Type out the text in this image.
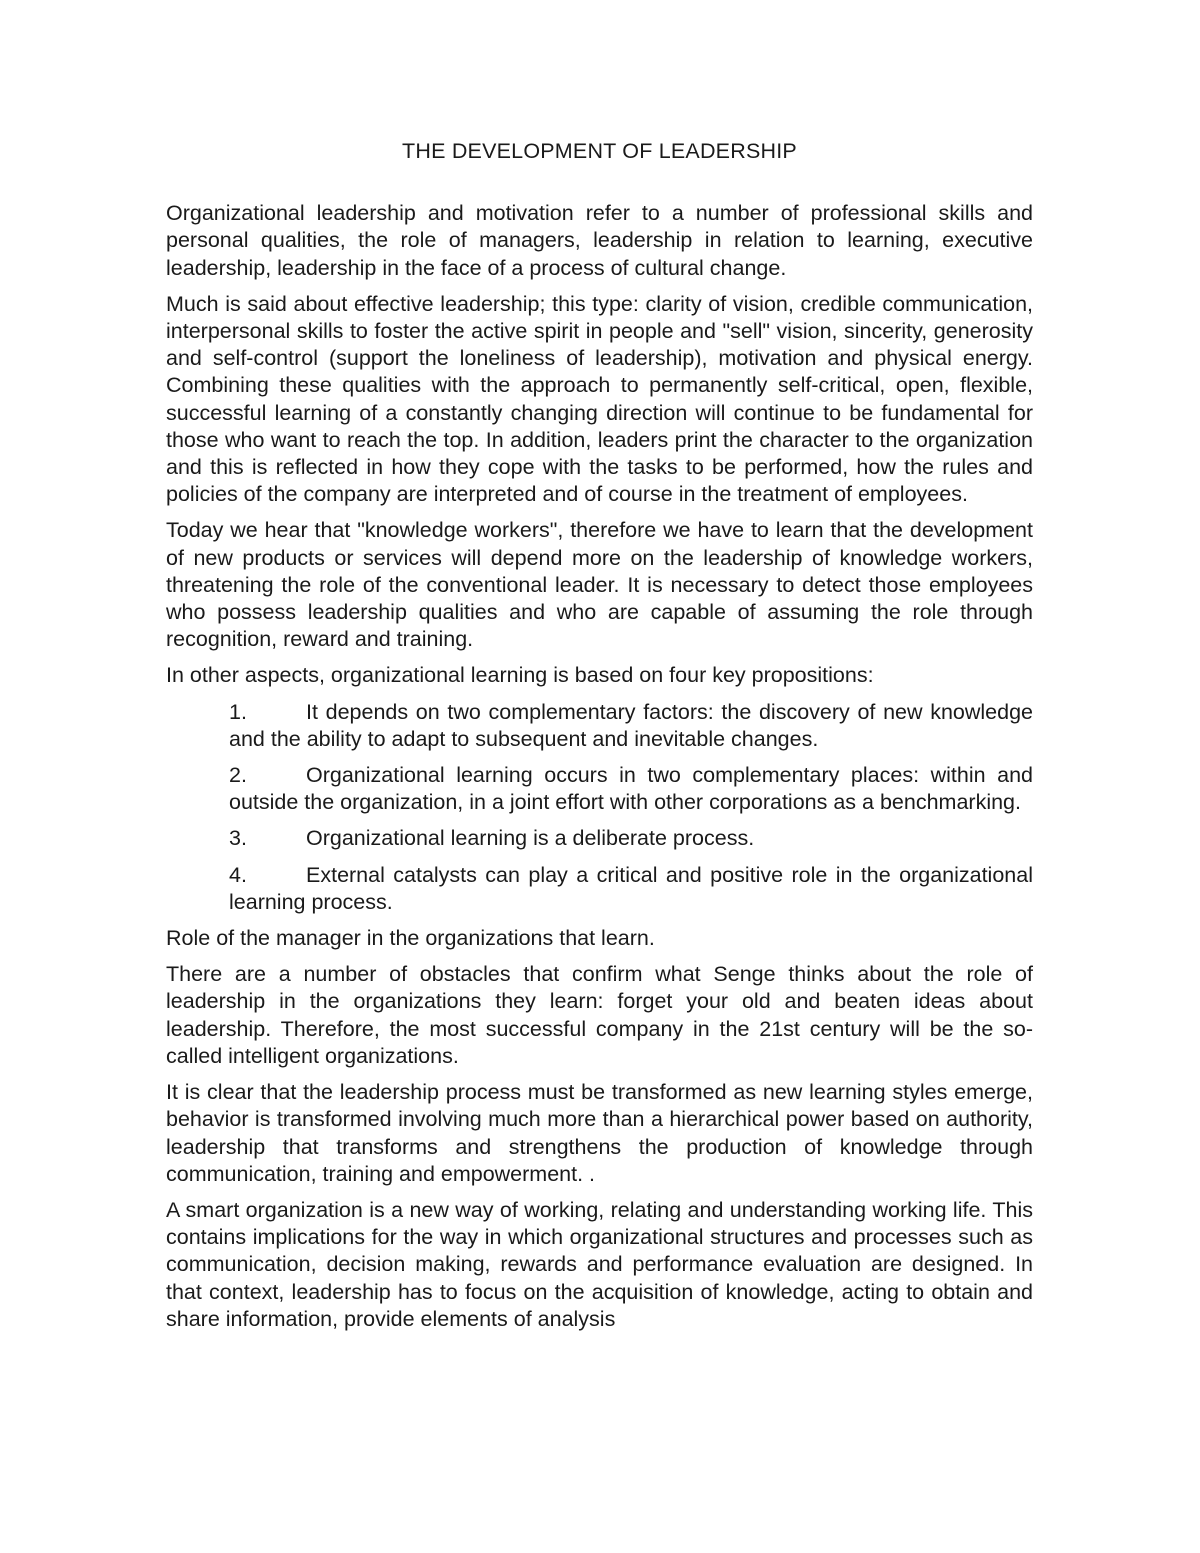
THE DEVELOPMENT OF LEADERSHIP

Organizational leadership and motivation refer to a number of professional skills and personal qualities, the role of managers, leadership in relation to learning, executive leadership, leadership in the face of a process of cultural change.

Much is said about effective leadership; this type: clarity of vision, credible communication, interpersonal skills to foster the active spirit in people and "sell" vision, sincerity, generosity and self-control (support the loneliness of leadership), motivation and physical energy. Combining these qualities with the approach to permanently self-critical, open, flexible, successful learning of a constantly changing direction will continue to be fundamental for those who want to reach the top. In addition, leaders print the character to the organization and this is reflected in how they cope with the tasks to be performed, how the rules and policies of the company are interpreted and of course in the treatment of employees.

Today we hear that "knowledge workers", therefore we have to learn that the development of new products or services will depend more on the leadership of knowledge workers, threatening the role of the conventional leader. It is necessary to detect those employees who possess leadership qualities and who are capable of assuming the role through recognition, reward and training.

In other aspects, organizational learning is based on four key propositions:

1.	It depends on two complementary factors: the discovery of new knowledge and the ability to adapt to subsequent and inevitable changes.
2.	Organizational learning occurs in two complementary places: within and outside the organization, in a joint effort with other corporations as a benchmarking.
3.	Organizational learning is a deliberate process.
4.	External catalysts can play a critical and positive role in the organizational learning process.

Role of the manager in the organizations that learn.

There are a number of obstacles that confirm what Senge thinks about the role of leadership in the organizations they learn: forget your old and beaten ideas about leadership. Therefore, the most successful company in the 21st century will be the so-called intelligent organizations.

It is clear that the leadership process must be transformed as new learning styles emerge, behavior is transformed involving much more than a hierarchical power based on authority, leadership that transforms and strengthens the production of knowledge through communication, training and empowerment. .

A smart organization is a new way of working, relating and understanding working life. This contains implications for the way in which organizational structures and processes such as communication, decision making, rewards and performance evaluation are designed. In that context, leadership has to focus on the acquisition of knowledge, acting to obtain and share information, provide elements of analysis
